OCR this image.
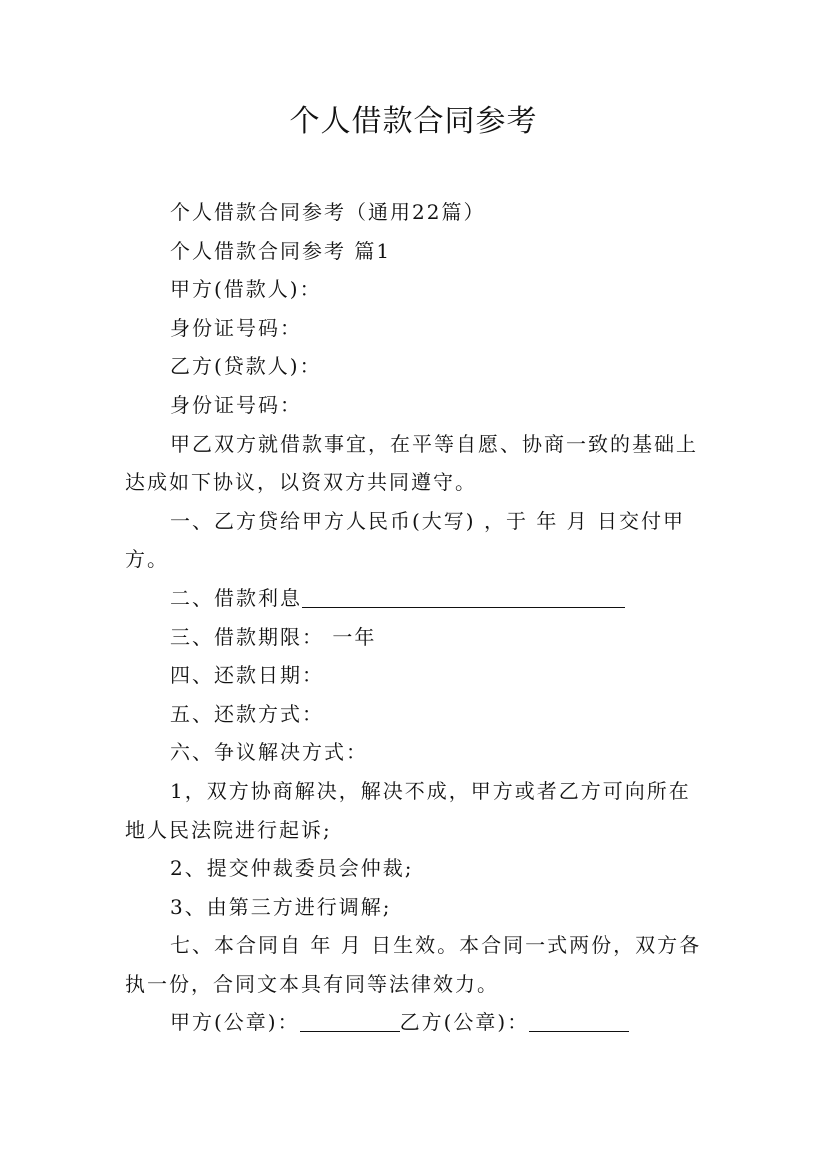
个人借款合同参考

个人借款合同参考（通用22篇）

个人借款合同参考 篇1

甲方(借款人)：

身份证号码：

乙方(贷款人)：

身份证号码：

甲乙双方就借款事宜，在平等自愿、协商一致的基础上达成如下协议，以资双方共同遵守。

一、乙方贷给甲方人民币(大写) ，于 年 月 日交付甲方。

二、借款利息

三、借款期限： 一年

四、还款日期：

五、还款方式：

六、争议解决方式：

1，双方协商解决，解决不成，甲方或者乙方可向所在地人民法院进行起诉;

2、提交仲裁委员会仲裁;

3、由第三方进行调解;

七、本合同自 年 月 日生效。本合同一式两份，双方各执一份，合同文本具有同等法律效力。

甲方(公章)：	乙方(公章)：
